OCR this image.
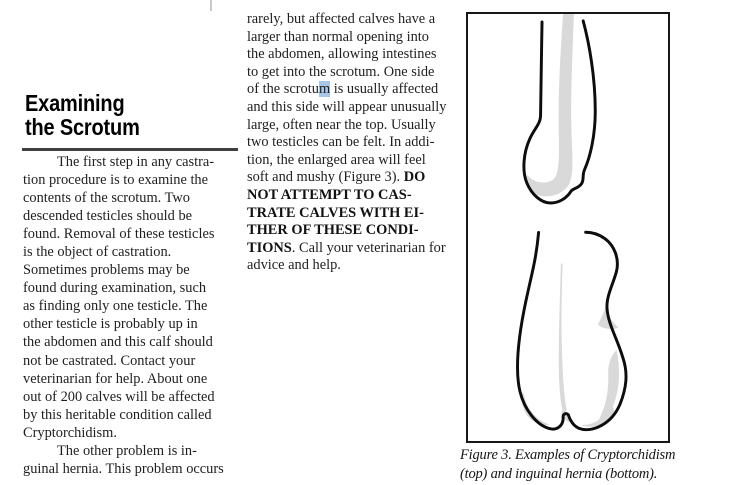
Examining
the Scrotum
The first step in any castra-
tion procedure is to examine the
contents of the scrotum. Two
descended testicles should be
found. Removal of these testicles
is the object of castration.
Sometimes problems may be
found during examination, such
as finding only one testicle. The
other testicle is probably up in
the abdomen and this calf should
not be castrated. Contact your
veterinarian for help. About one
out of 200 calves will be affected
by this heritable condition called
Cryptorchidism.
The other problem is in-
guinal hernia. This problem occurs
rarely, but affected calves have a
larger than normal opening into
the abdomen, allowing intestines
to get into the scrotum. One side
of the scrotum is usually affected
and this side will appear unusually
large, often near the top. Usually
two testicles can be felt. In addi-
tion, the enlarged area will feel
soft and mushy (Figure 3). DO
NOT ATTEMPT TO CAS-
TRATE CALVES WITH EI-
THER OF THESE CONDI-
TIONS. Call your veterinarian for
advice and help.
Figure 3. Examples of Cryptorchidism
(top) and inguinal hernia (bottom).
